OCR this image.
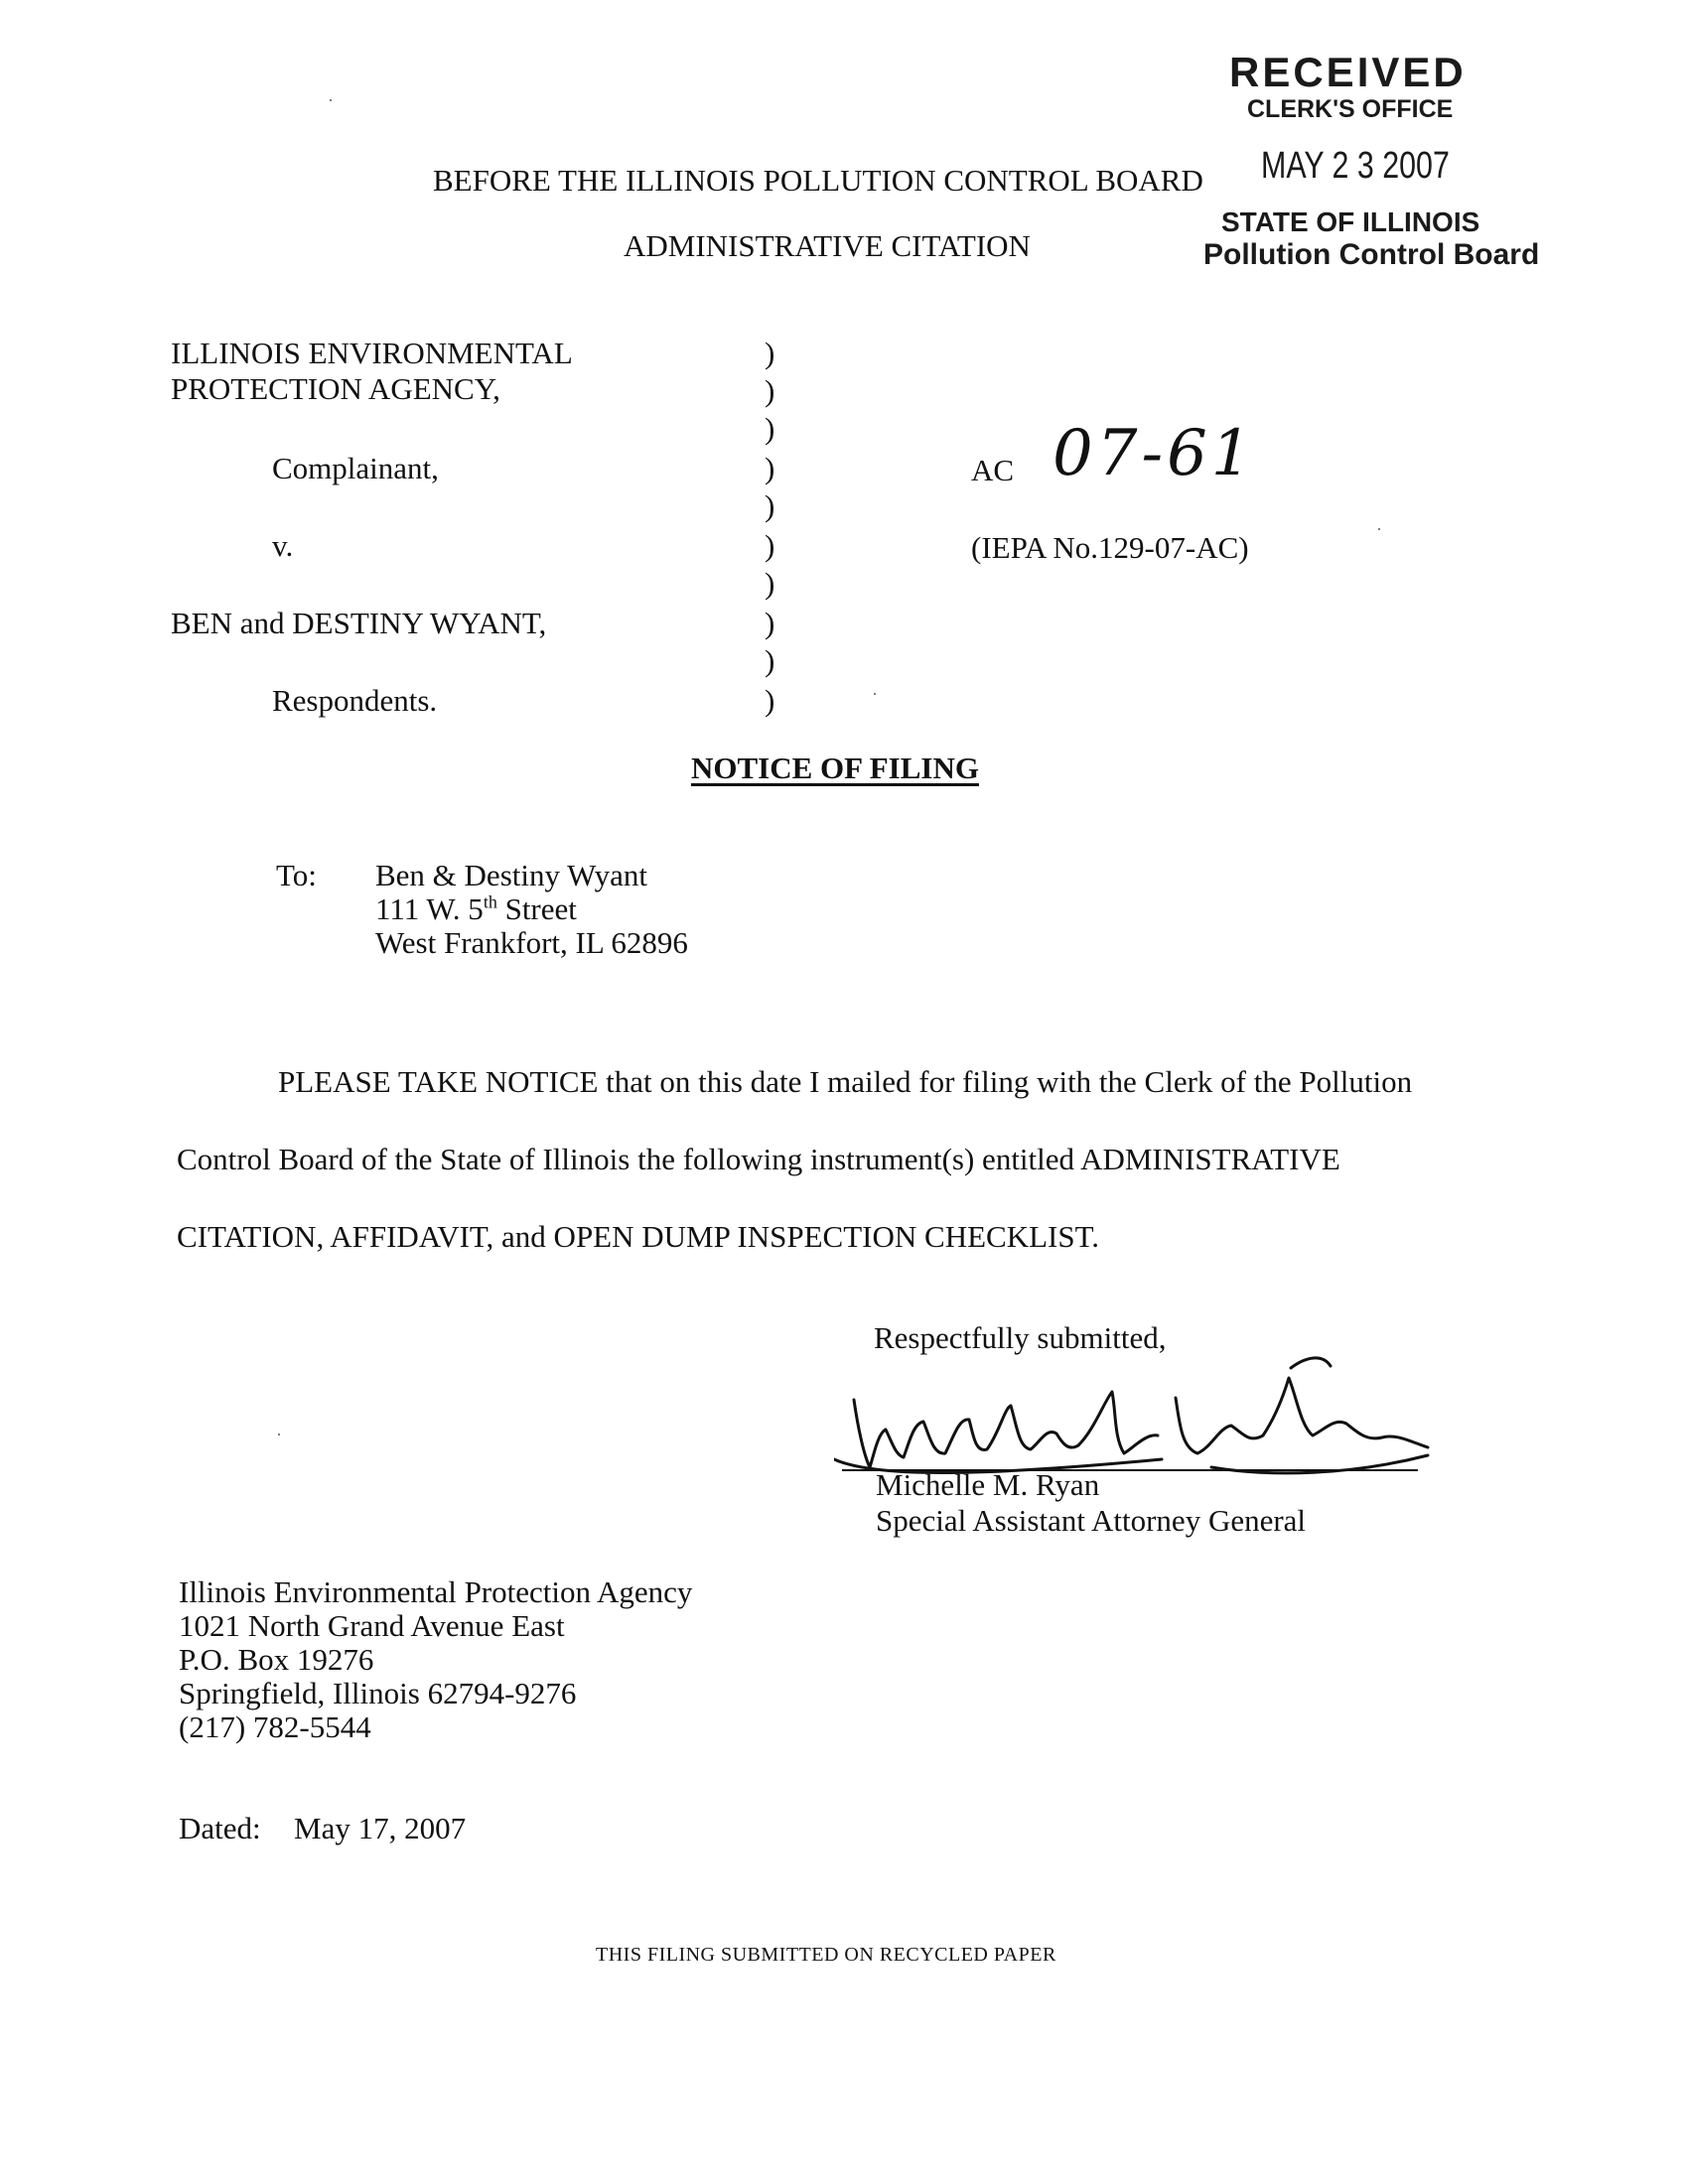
RECEIVED
CLERK'S OFFICE
MAY 2 3 2007
STATE OF ILLINOIS
Pollution Control Board
BEFORE THE ILLINOIS POLLUTION CONTROL BOARD
ADMINISTRATIVE CITATION
ILLINOIS ENVIRONMENTAL
PROTECTION AGENCY,
Complainant,
v.
BEN and DESTINY WYANT,
Respondents.
)
)
)
)
)
)
)
)
)
)
AC 07-61
(IEPA No.129-07-AC)
NOTICE OF FILING
To: Ben & Destiny Wyant
111 W. 5th Street
West Frankfort, IL 62896
PLEASE TAKE NOTICE that on this date I mailed for filing with the Clerk of the Pollution
Control Board of the State of Illinois the following instrument(s) entitled ADMINISTRATIVE
CITATION, AFFIDAVIT, and OPEN DUMP INSPECTION CHECKLIST.
Respectfully submitted,
Michelle M. Ryan
Special Assistant Attorney General
Illinois Environmental Protection Agency
1021 North Grand Avenue East
P.O. Box 19276
Springfield, Illinois 62794-9276
(217) 782-5544
Dated: May 17, 2007
THIS FILING SUBMITTED ON RECYCLED PAPER
